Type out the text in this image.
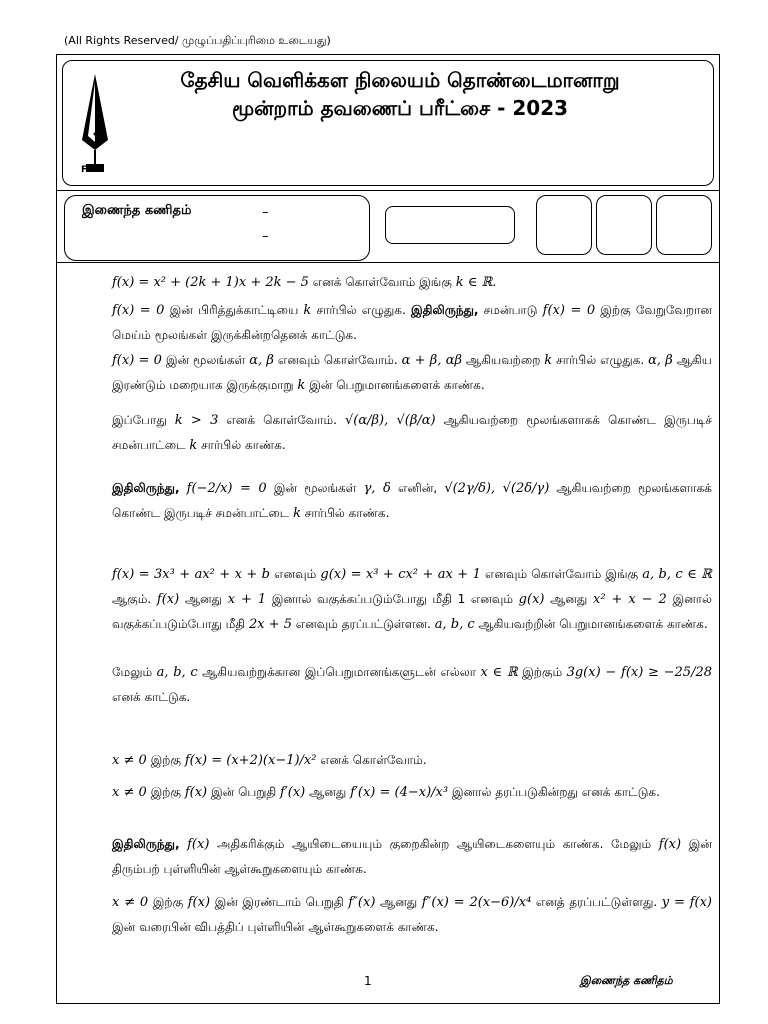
(All Rights Reserved/ முழுப்பதிப்புரிமை உடையது)
FWC
தேசிய வெளிக்கள நிலையம் தொண்டைமானாறு
மூன்றாம் தவணைப் பரீட்சை - 2023
இணைந்த கணிதம்	–
–
f(x) = x² + (2k + 1)x + 2k − 5 எனக் கொள்வோம் இங்கு k ∈ ℝ.
f(x) = 0 இன் பிரித்துக்காட்டியை k சார்பில் எழுதுக. இதிலிருந்து, சமன்பாடு f(x) = 0 இற்கு வேறுவேறான மெய்ம் மூலங்கள் இருக்கின்றதெனக் காட்டுக.
f(x) = 0 இன் மூலங்கள் α, β எனவும் கொள்வோம். α + β, αβ ஆகியவற்றை k சார்பில் எழுதுக. α, β ஆகிய இரண்டும் மறையாக இருக்குமாறு k இன் பெறுமானங்களைக் காண்க.
இப்போது k > 3 எனக் கொள்வோம். √(α/β), √(β/α) ஆகியவற்றை மூலங்களாகக் கொண்ட இருபடிச் சமன்பாட்டை k சார்பில் காண்க.
இதிலிருந்து, f(−2/x) = 0 இன் மூலங்கள் γ, δ எனின், √(2γ/δ), √(2δ/γ) ஆகியவற்றை மூலங்களாகக் கொண்ட இருபடிச் சமன்பாட்டை k சார்பில் காண்க.
f(x) = 3x³ + ax² + x + b எனவும் g(x) = x³ + cx² + ax + 1 எனவும் கொள்வோம் இங்கு a, b, c ∈ ℝ ஆகும். f(x) ஆனது x + 1 இனால் வகுக்கப்படும்போது மீதி 1 எனவும் g(x) ஆனது x² + x − 2 இனால் வகுக்கப்படும்போது மீதி 2x + 5 எனவும் தரப்பட்டுள்ளன. a, b, c ஆகியவற்றின் பெறுமானங்களைக் காண்க.
மேலும் a, b, c ஆகியவற்றுக்கான இப்பெறுமானங்களுடன் எல்லா x ∈ ℝ இற்கும் 3g(x) − f(x) ≥ −25/28 எனக் காட்டுக.
x ≠ 0 இற்கு f(x) = (x+2)(x−1)/x² எனக் கொள்வோம்.
x ≠ 0 இற்கு f(x) இன் பெறுதி f′(x) ஆனது f′(x) = (4−x)/x³ இனால் தரப்படுகின்றது எனக் காட்டுக.
இதிலிருந்து, f(x) அதிகரிக்கும் ஆயிடையையும் குறைகின்ற ஆயிடைகளையும் காண்க. மேலும் f(x) இன் திரும்பற் புள்ளியின் ஆள்கூறுகளையும் காண்க.
x ≠ 0 இற்கு f(x) இன் இரண்டாம் பெறுதி f″(x) ஆனது f″(x) = 2(x−6)/x⁴ எனத் தரப்பட்டுள்ளது. y = f(x) இன் வரைபின் விபத்திப் புள்ளியின் ஆள்கூறுகளைக் காண்க.
1	இணைந்த கணிதம்
